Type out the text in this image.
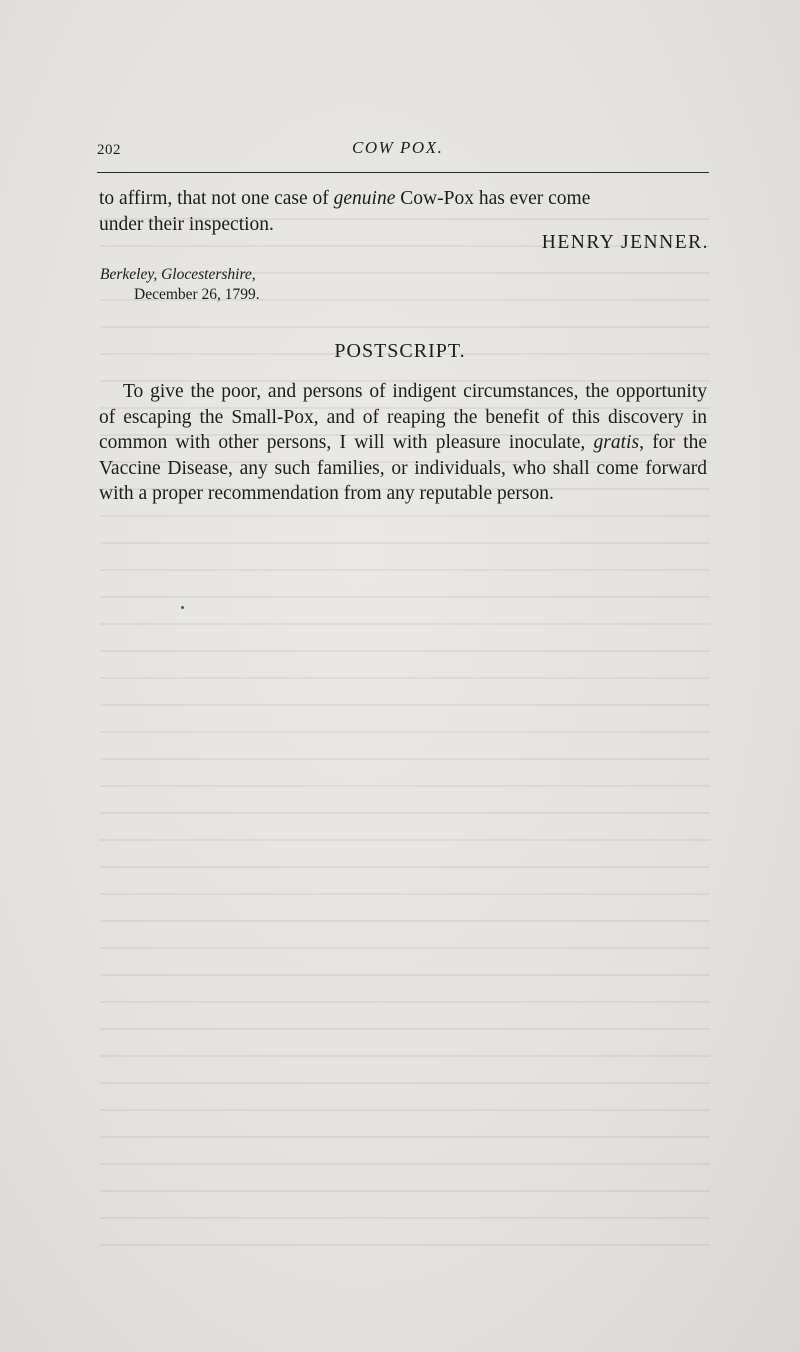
202	COW POX.
to affirm, that not one case of genuine Cow-Pox has ever come
under their inspection.
HENRY JENNER.
Berkeley, Glocestershire,
December 26, 1799.
POSTSCRIPT.
To give the poor, and persons of indigent circumstances, the opportunity of escaping the Small-Pox, and of reaping the benefit of this discovery in common with other persons, I will with pleasure inoculate, gratis, for the Vaccine Disease, any such families, or individuals, who shall come forward with a proper recommendation from any reputable person.
